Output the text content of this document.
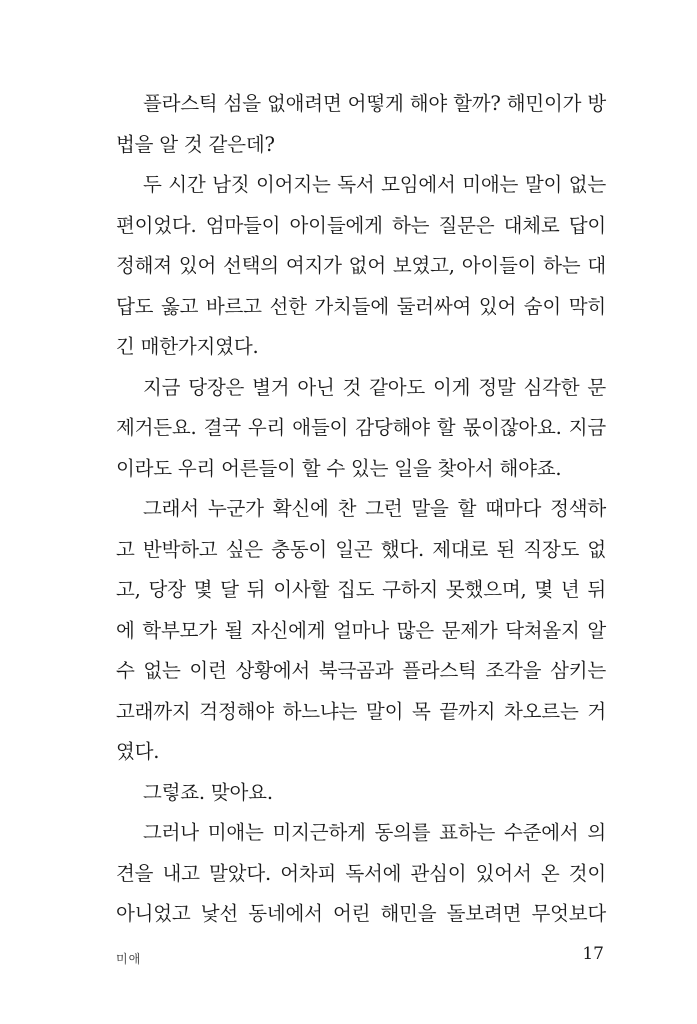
플라스틱 섬을 없애려면 어떻게 해야 할까? 해민이가 방
법을 알 것 같은데?
두 시간 남짓 이어지는 독서 모임에서 미애는 말이 없는
편이었다. 엄마들이 아이들에게 하는 질문은 대체로 답이
정해져 있어 선택의 여지가 없어 보였고, 아이들이 하는 대
답도 옳고 바르고 선한 가치들에 둘러싸여 있어 숨이 막히
긴 매한가지였다.
지금 당장은 별거 아닌 것 같아도 이게 정말 심각한 문
제거든요. 결국 우리 애들이 감당해야 할 몫이잖아요. 지금
이라도 우리 어른들이 할 수 있는 일을 찾아서 해야죠.
그래서 누군가 확신에 찬 그런 말을 할 때마다 정색하
고 반박하고 싶은 충동이 일곤 했다. 제대로 된 직장도 없
고, 당장 몇 달 뒤 이사할 집도 구하지 못했으며, 몇 년 뒤
에 학부모가 될 자신에게 얼마나 많은 문제가 닥쳐올지 알
수 없는 이런 상황에서 북극곰과 플라스틱 조각을 삼키는
고래까지 걱정해야 하느냐는 말이 목 끝까지 차오르는 거
였다.
그렇죠. 맞아요.
그러나 미애는 미지근하게 동의를 표하는 수준에서 의
견을 내고 말았다. 어차피 독서에 관심이 있어서 온 것이
아니었고 낯선 동네에서 어린 해민을 돌보려면 무엇보다
미애	17
